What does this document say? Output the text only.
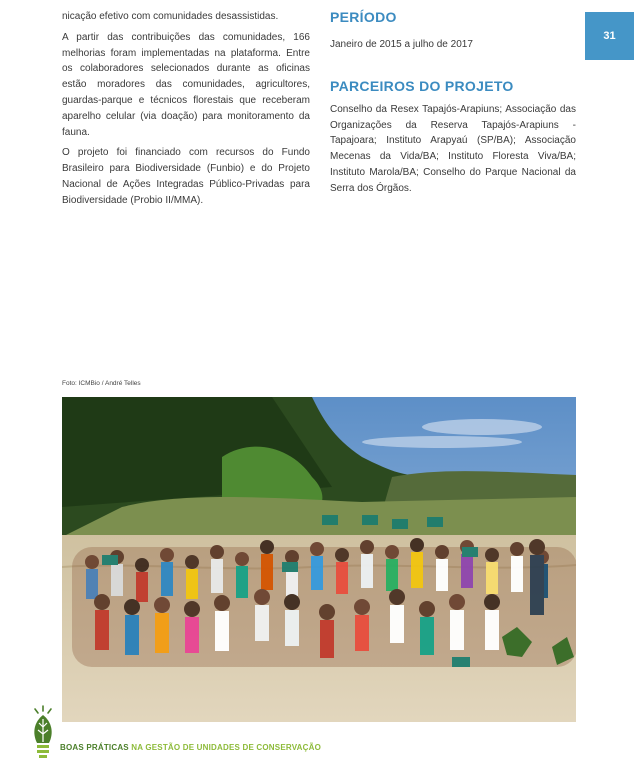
nicação efetivo com comunidades desassistidas.

A partir das contribuições das comunidades, 166 melhorias foram implementadas na plataforma. Entre os colaboradores selecionados durante as oficinas estão moradores das comunidades, agricultores, guardas-parque e técnicos florestais que receberam aparelho celular (via doação) para monitoramento da fauna.

O projeto foi financiado com recursos do Fundo Brasileiro para Biodiversidade (Funbio) e do Projeto Nacional de Ações Integradas Público-Privadas para Biodiversidade (Probio II/MMA).

PERÍODO

Janeiro de 2015 a julho de 2017

PARCEIROS DO PROJETO

Conselho da Resex Tapajós-Arapiuns; Associação das Organizações da Reserva Tapajós-Arapiuns - Tapajoara; Instituto Arapyaú (SP/BA); Associação Mecenas da Vida/BA; Instituto Floresta Viva/BA; Instituto Marola/BA; Conselho do Parque Nacional da Serra dos Órgãos.

31
Foto: ICMBio / André Telles
BOAS PRÁTICAS NA GESTÃO DE UNIDADES DE CONSERVAÇÃO
